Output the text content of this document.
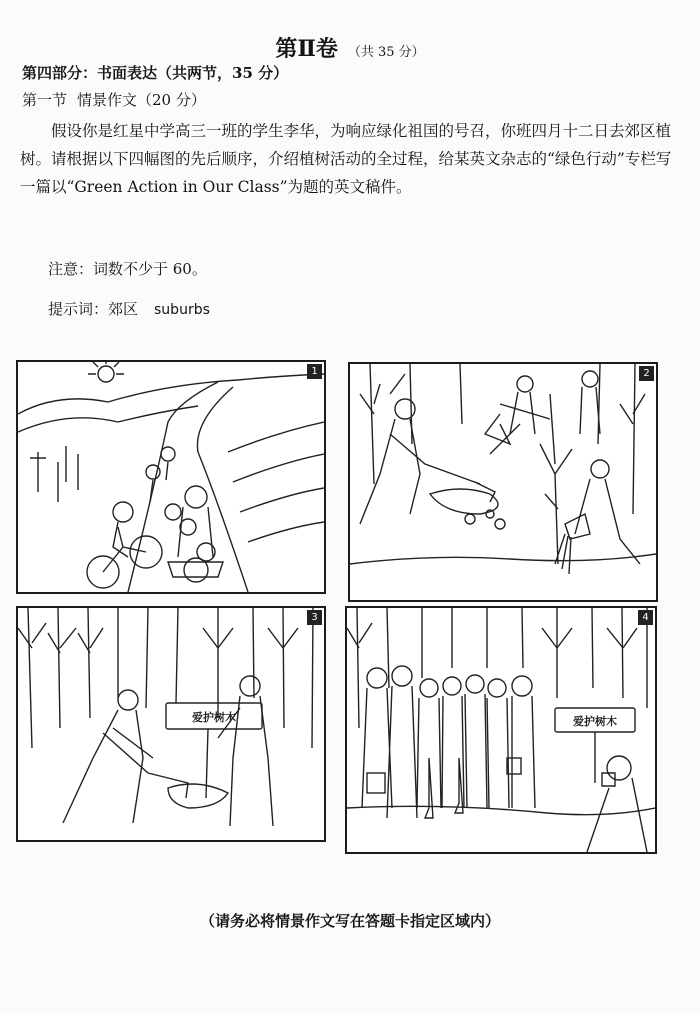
第Ⅱ卷 （共 35 分）
第四部分：书面表达（共两节，35 分）
第一节 情景作文（20 分）

假设你是红星中学高三一班的学生李华，为响应绿化祖国的号召，你班四月十二日去郊区植树。请根据以下四幅图的先后顺序，介绍植树活动的全过程，给某英文杂志的“绿色行动”专栏写一篇以“Green Action in Our Class”为题的英文稿件。

注意：词数不少于 60。
提示词：郊区 suburbs
1	2
爱护树木
3
爱护树木
4
（请务必将情景作文写在答题卡指定区域内）
